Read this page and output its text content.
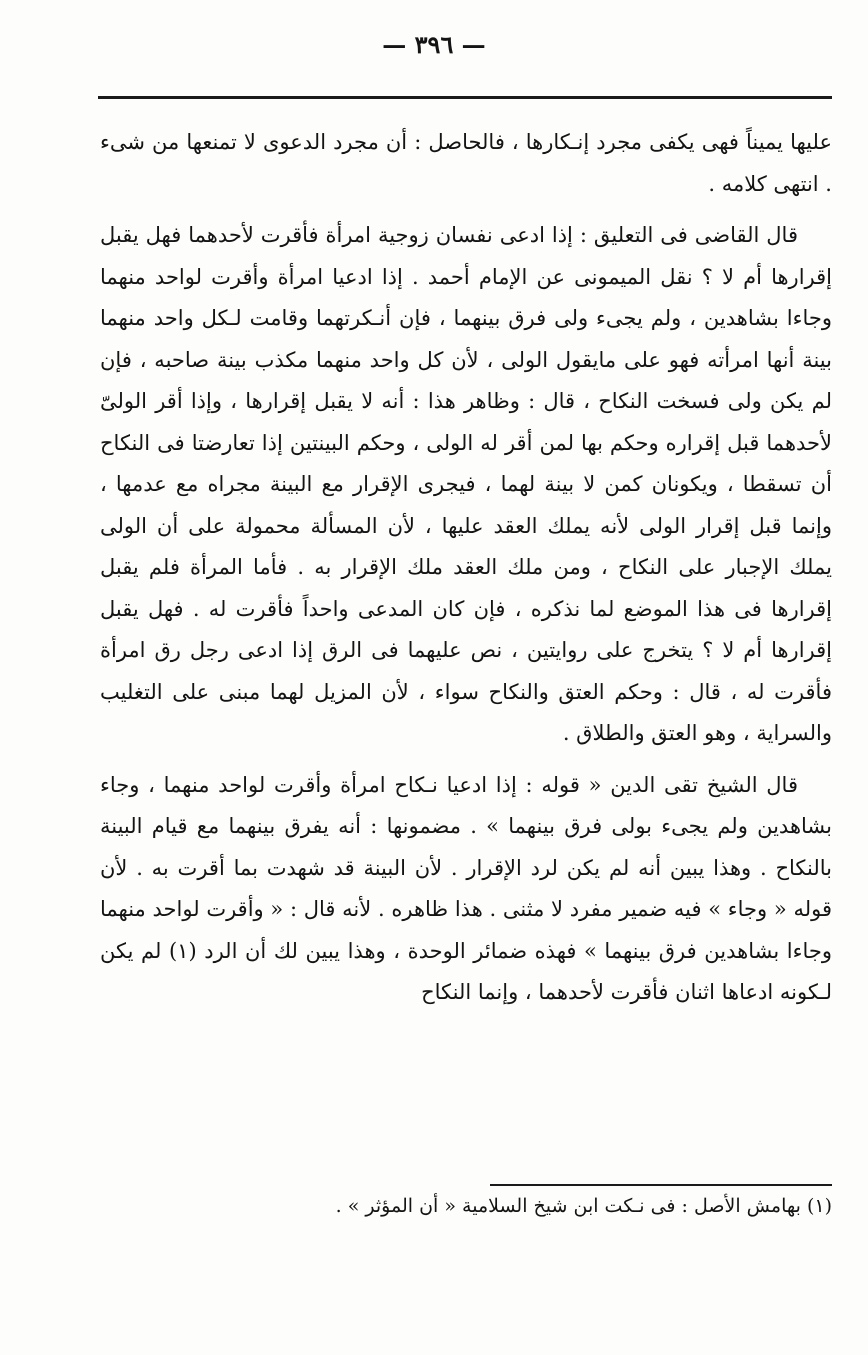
— ٣٩٦ —

عليها يميناً فهى يكفى مجرد إنـكارها ، فالحاصل : أن مجرد الدعوى لا تمنعها من شىء . انتهى كلامه .

قال القاضى فى التعليق : إذا ادعى نفسان زوجية امرأة فأقرت لأحدهما فهل يقبل إقرارها أم لا ؟ نقل الميمونى عن الإمام أحمد . إذا ادعيا امرأة وأقرت لواحد منهما وجاءا بشاهدين ، ولم يجىء ولى فرق بينهما ، فإن أنـكرتهما وقامت لـكل واحد منهما بينة أنها امرأته فهو على مايقول الولى ، لأن كل واحد منهما مكذب بينة صاحبه ، فإن لم يكن ولى فسخت النكاح ، قال : وظاهر هذا : أنه لا يقبل إقرارها ، وإذا أقر الولىّ لأحدهما قبل إقراره وحكم بها لمن أقر له الولى ، وحكم البينتين إذا تعارضتا فى النكاح أن تسقطا ، ويكونان كمن لا بينة لهما ، فيجرى الإقرار مع البينة مجراه مع عدمها ، وإنما قبل إقرار الولى لأنه يملك العقد عليها ، لأن المسألة محمولة على أن الولى يملك الإجبار على النكاح ، ومن ملك العقد ملك الإقرار به . فأما المرأة فلم يقبل إقرارها فى هذا الموضع لما نذكره ، فإن كان المدعى واحداً فأقرت له . فهل يقبل إقرارها أم لا ؟ يتخرج على روايتين ، نص عليهما فى الرق إذا ادعى رجل رق امرأة فأقرت له ، قال : وحكم العتق والنكاح سواء ، لأن المزيل لهما مبنى على التغليب والسراية ، وهو العتق والطلاق .

قال الشيخ تقى الدين « قوله : إذا ادعيا نـكاح امرأة وأقرت لواحد منهما ، وجاء بشاهدين ولم يجىء بولى فرق بينهما » . مضمونها : أنه يفرق بينهما مع قيام البينة بالنكاح . وهذا يبين أنه لم يكن لرد الإقرار . لأن البينة قد شهدت بما أقرت به . لأن قوله « وجاء » فيه ضمير مفرد لا مثنى . هذا ظاهره . لأنه قال : « وأقرت لواحد منهما وجاءا بشاهدين فرق بينهما » فهذه ضمائر الوحدة ، وهذا يبين لك أن الرد (١) لم يكن لـكونه ادعاها اثنان فأقرت لأحدهما ، وإنما النكاح

(١) بهامش الأصل : فى نـكت ابن شيخ السلامية « أن المؤثر » .
